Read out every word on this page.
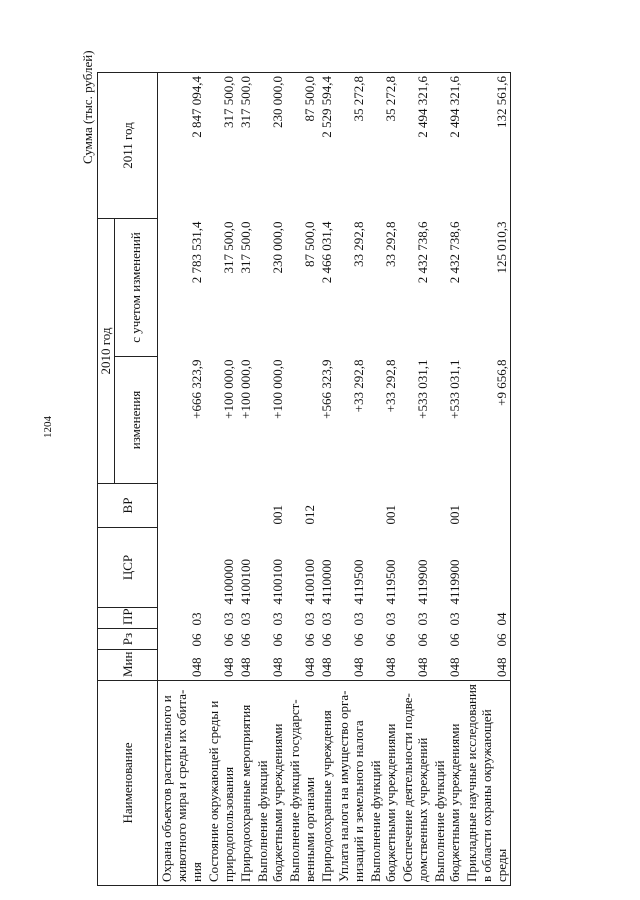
1204
Сумма (тыс. рублей)
Наименование	Мин	Рз	ПР	ЦСР	ВР	2010 год		2011 год
						изменения	с учетом изменений	
Охрана объектов растительного и животного мира и среды их обита-ния	048	06	03			+666 323,9	2 783 531,4	2 847 094,4
Состояние окружающей среды и природопользования	048	06	03	4100000		+100 000,0	317 500,0	317 500,0
Природоохранные мероприятия	048	06	03	4100100		+100 000,0	317 500,0	317 500,0
Выполнение функций бюджетными учреждениями	048	06	03	4100100	001	+100 000,0	230 000,0	230 000,0
Выполнение функций государст-венными органами	048	06	03	4100100	012		87 500,0	87 500,0
Природоохранные учреждения	048	06	03	4110000		+566 323,9	2 466 031,4	2 529 594,4
Уплата налога на имущество орга-низаций и земельного налога	048	06	03	4119500		+33 292,8	33 292,8	35 272,8
Выполнение функций бюджетными учреждениями	048	06	03	4119500	001	+33 292,8	33 292,8	35 272,8
Обеспечение деятельности подве-домственных учреждений	048	06	03	4119900		+533 031,1	2 432 738,6	2 494 321,6
Выполнение функций бюджетными учреждениями	048	06	03	4119900	001	+533 031,1	2 432 738,6	2 494 321,6
Прикладные научные исследования в области охраны окружающей среды	048	06	04			+9 656,8	125 010,3	132 561,6
